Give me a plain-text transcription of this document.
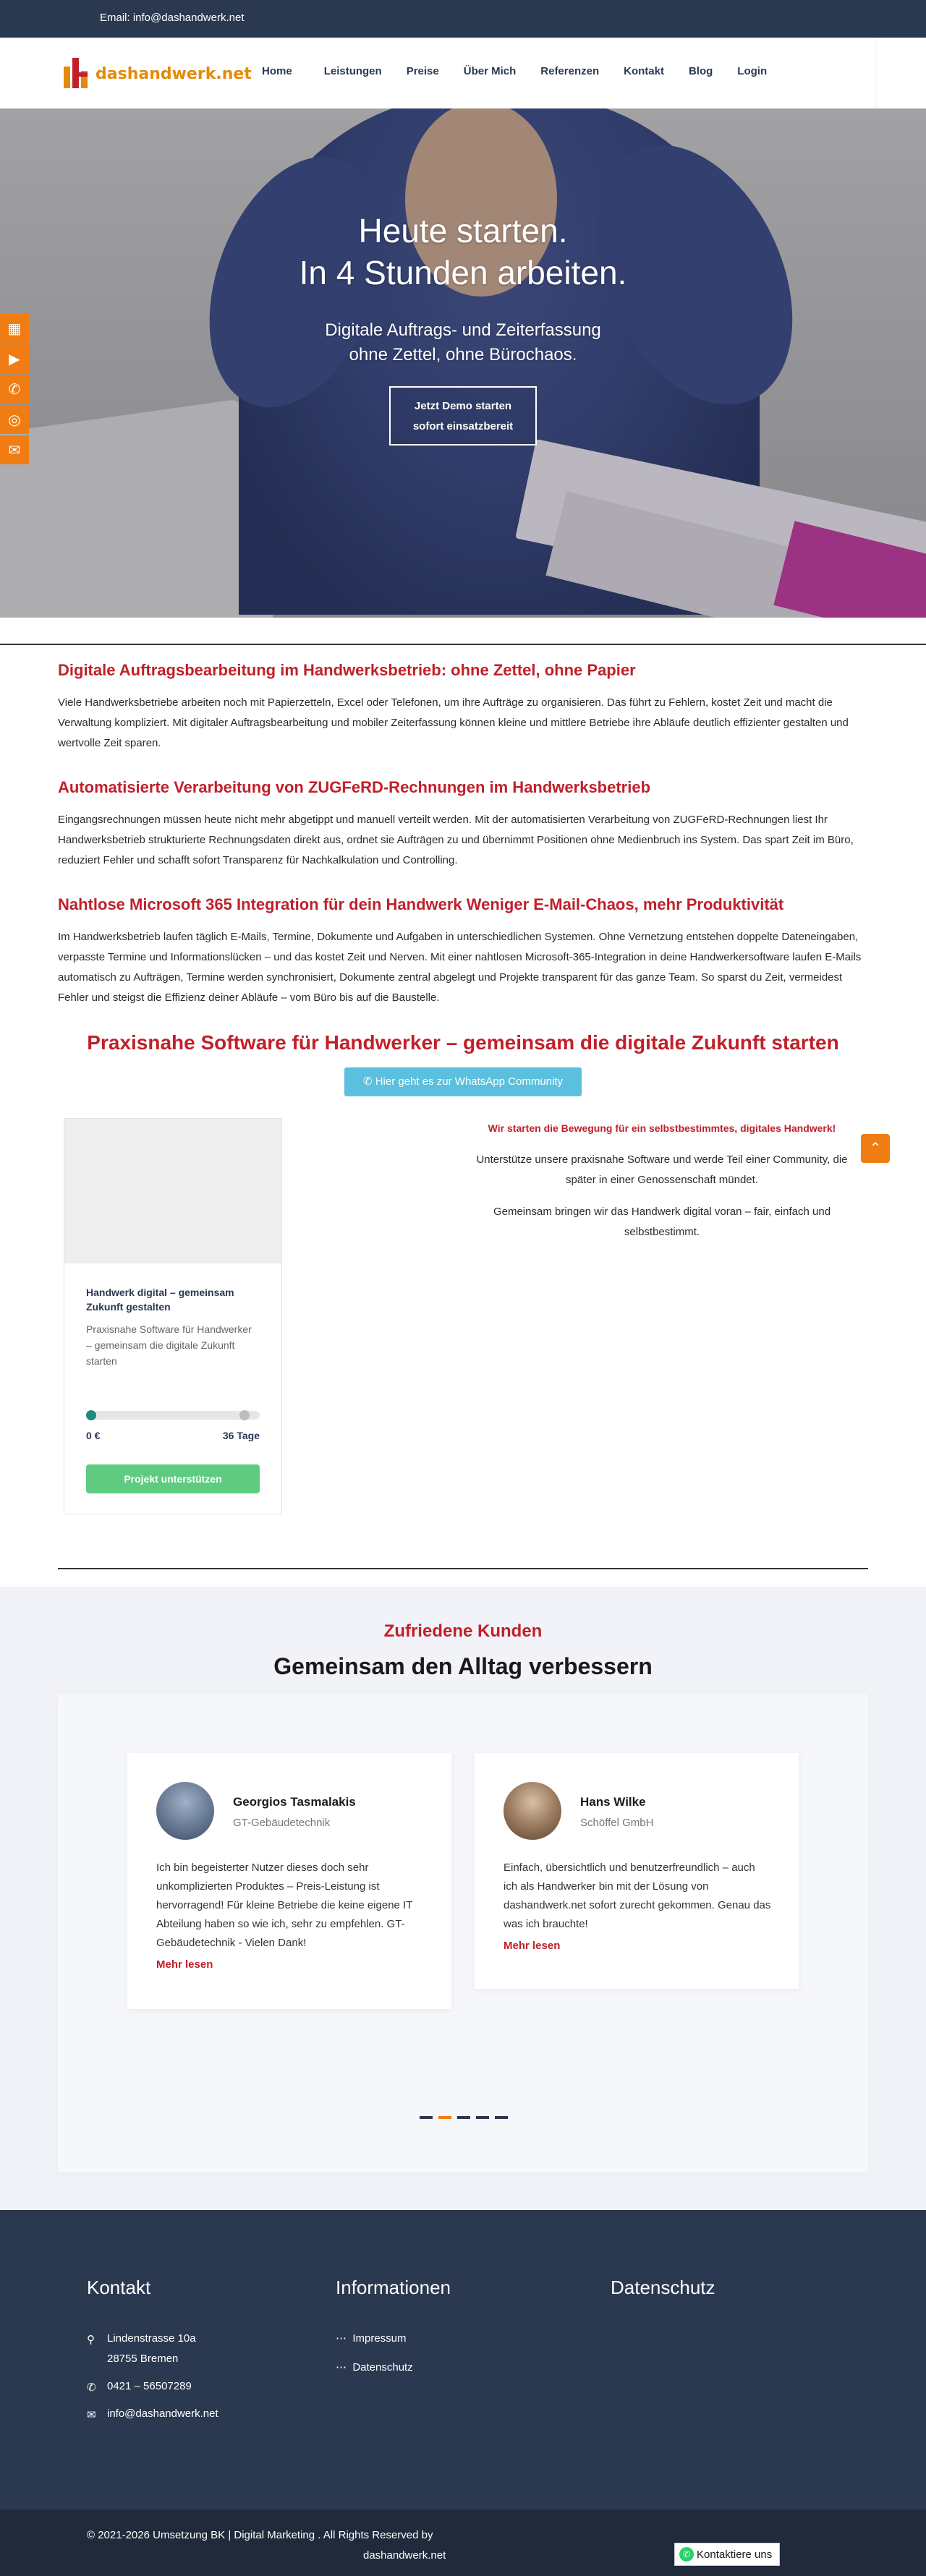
Email: info@dashandwerk.net
dashandwerk.net Home	Leistungen Preise Über Mich Referenzen Kontakt Blog Login
Heute starten.
In 4 Stunden arbeiten.
Digitale Auftrags- und Zeiterfassung
ohne Zettel, ohne Bürochaos.
Jetzt Demo starten
sofort einsatzbereit
▦
▶
✆
◎
✉
Digitale Auftragsbearbeitung im Handwerksbetrieb: ohne Zettel, ohne Papier
Viele Handwerksbetriebe arbeiten noch mit Papierzetteln, Excel oder Telefonen, um ihre Aufträge zu organisieren. Das führt zu Fehlern, kostet Zeit und macht die Verwaltung kompliziert. Mit digitaler Auftragsbearbeitung und mobiler Zeiterfassung können kleine und mittlere Betriebe ihre Abläufe deutlich effizienter gestalten und wertvolle Zeit sparen.
Automatisierte Verarbeitung von ZUGFeRD-Rechnungen im Handwerksbetrieb
Eingangsrechnungen müssen heute nicht mehr abgetippt und manuell verteilt werden. Mit der automatisierten Verarbeitung von ZUGFeRD-Rechnungen liest Ihr Handwerksbetrieb strukturierte Rechnungsdaten direkt aus, ordnet sie Aufträgen zu und übernimmt Positionen ohne Medienbruch ins System. Das spart Zeit im Büro, reduziert Fehler und schafft sofort Transparenz für Nachkalkulation und Controlling.
Nahtlose Microsoft 365 Integration für dein Handwerk Weniger E-Mail-Chaos, mehr Produktivität
Im Handwerksbetrieb laufen täglich E-Mails, Termine, Dokumente und Aufgaben in unterschiedlichen Systemen. Ohne Vernetzung entstehen doppelte Dateneingaben, verpasste Termine und Informationslücken – und das kostet Zeit und Nerven. Mit einer nahtlosen Microsoft-365-Integration in deine Handwerkersoftware laufen E-Mails automatisch zu Aufträgen, Termine werden synchronisiert, Dokumente zentral abgelegt und Projekte transparent für das ganze Team. So sparst du Zeit, vermeidest Fehler und steigst die Effizienz deiner Abläufe – vom Büro bis auf die Baustelle.
Praxisnahe Software für Handwerker – gemeinsam die digitale Zukunft starten
✆ Hier geht es zur WhatsApp Community
Handwerk digital – gemeinsam Zukunft gestalten
Praxisnahe Software für Handwerker – gemeinsam die digitale Zukunft starten
0 €	36 Tage
Projekt unterstützen
Wir starten die Bewegung für ein selbstbestimmtes, digitales Handwerk!
Unterstütze unsere praxisnahe Software und werde Teil einer Community, die später in einer Genossenschaft mündet.
Gemeinsam bringen wir das Handwerk digital voran – fair, einfach und selbstbestimmt.
⌃
Zufriedene Kunden
Gemeinsam den Alltag verbessern
Georgios Tasmalakis
GT-Gebäudetechnik
Ich bin begeisterter Nutzer dieses doch sehr unkomplizierten Produktes – Preis-Leistung ist hervorragend! Für kleine Betriebe die keine eigene IT Abteilung haben so wie ich, sehr zu empfehlen. GT-Gebäudetechnik - Vielen Dank!
Mehr lesen
Hans Wilke
Schöffel GmbH
Einfach, übersichtlich und benutzerfreundlich – auch ich als Handwerker bin mit der Lösung von dashandwerk.net sofort zurecht gekommen. Genau das was ich brauchte!
Mehr lesen
Kontakt
⚲ Lindenstrasse 10a
28755 Bremen
✆ 0421 – 56507289
✉ info@dashandwerk.net
Informationen
⋯  Impressum
⋯  Datenschutz
Datenschutz
© 2021-2026 Umsetzung BK | Digital Marketing . All Rights Reserved by
dashandwerk.net	✆ Kontaktiere uns
